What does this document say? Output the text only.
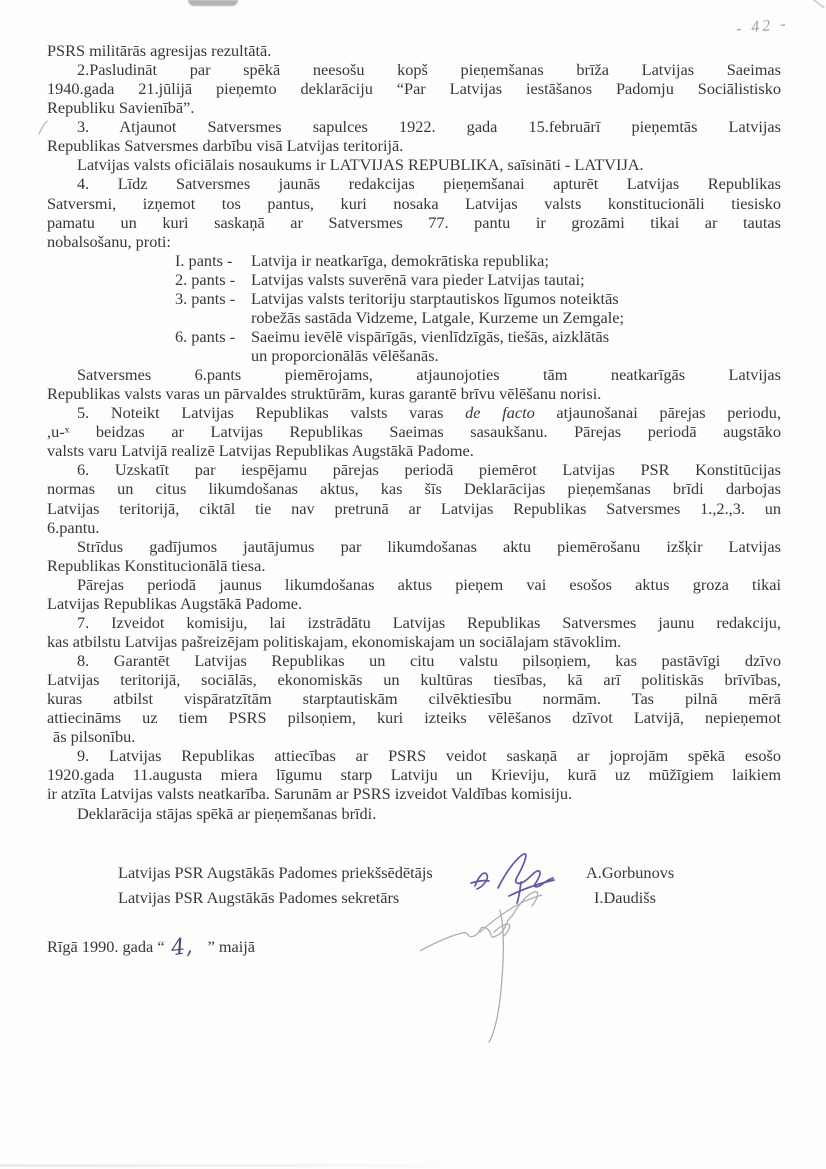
- 42 -
PSRS militārās agresijas rezultātā.
2.Pasludināt par spēkā neesošu kopš pieņemšanas brīža Latvijas Saeimas
1940.gada 21.jūlijā pieņemto deklarāciju “Par Latvijas iestāšanos Padomju Sociālistisko
Republiku Savienībā”.
3. Atjaunot Satversmes sapulces 1922. gada 15.februārī pieņemtās Latvijas
Republikas Satversmes darbību visā Latvijas teritorijā.
Latvijas valsts oficiālais nosaukums ir LATVIJAS REPUBLIKA, saīsināti - LATVIJA.
4. Līdz Satversmes jaunās redakcijas pieņemšanai apturēt Latvijas Republikas
Satversmi, izņemot tos pantus, kuri nosaka Latvijas valsts konstitucionāli tiesisko
pamatu un kuri saskaņā ar Satversmes 77. pantu ir grozāmi tikai ar tautas
nobalsošanu, proti:
I. pants - Latvija ir neatkarīga, demokrātiska republika;
2. pants - Latvijas valsts suverēnā vara pieder Latvijas tautai;
3. pants - Latvijas valsts teritoriju starptautiskos līgumos noteiktās
robežās sastāda Vidzeme, Latgale, Kurzeme un Zemgale;
6. pants - Saeimu ievēlē vispārīgās, vienlīdzīgās, tiešās, aizklātās
un proporcionālās vēlēšanās.
Satversmes 6.pants piemērojams, atjaunojoties tām neatkarīgās Latvijas
Republikas valsts varas un pārvaldes struktūrām, kuras garantē brīvu vēlēšanu norisi.
5. Noteikt Latvijas Republikas valsts varas de facto atjaunošanai pārejas periodu,
,u-ˣ beidzas ar Latvijas Republikas Saeimas sasaukšanu. Pārejas periodā augstāko
valsts varu Latvijā realizē Latvijas Republikas Augstākā Padome.
6. Uzskatīt par iespējamu pārejas periodā piemērot Latvijas PSR Konstitūcijas
normas un citus likumdošanas aktus, kas šīs Deklarācijas pieņemšanas brīdi darbojas
Latvijas teritorijā, ciktāl tie nav pretrunā ar Latvijas Republikas Satversmes 1.,2.,3. un
6.pantu.
Strīdus gadījumos jautājumus par likumdošanas aktu piemērošanu izšķir Latvijas
Republikas Konstitucionālā tiesa.
Pārejas periodā jaunus likumdošanas aktus pieņem vai esošos aktus groza tikai
Latvijas Republikas Augstākā Padome.
7. Izveidot komisiju, lai izstrādātu Latvijas Republikas Satversmes jaunu redakciju,
kas atbilstu Latvijas pašreizējam politiskajam, ekonomiskajam un sociālajam stāvoklim.
8. Garantēt Latvijas Republikas un citu valstu pilsoņiem, kas pastāvīgi dzīvo
Latvijas teritorijā, sociālās, ekonomiskās un kultūras tiesības, kā arī politiskās brīvības,
kuras atbilst vispāratzītām starptautiskām cilvēktiesību normām. Tas pilnā mērā
attiecināms uz tiem PSRS pilsoņiem, kuri izteiks vēlēšanos dzīvot Latvijā, nepieņemot
ās pilsonību.
9. Latvijas Republikas attiecības ar PSRS veidot saskaņā ar joprojām spēkā esošo
1920.gada 11.augusta miera līgumu starp Latviju un Krieviju, kurā uz mūžīgiem laikiem
ir atzīta Latvijas valsts neatkarība. Sarunām ar PSRS izveidot Valdības komisiju.
Deklarācija stājas spēkā ar pieņemšanas brīdi.
Latvijas PSR Augstākās Padomes priekšsēdētājs	A.Gorbunovs
Latvijas PSR Augstākās Padomes sekretārs	I.Daudišs
Rīgā 1990. gada “ 4, ” maijā
